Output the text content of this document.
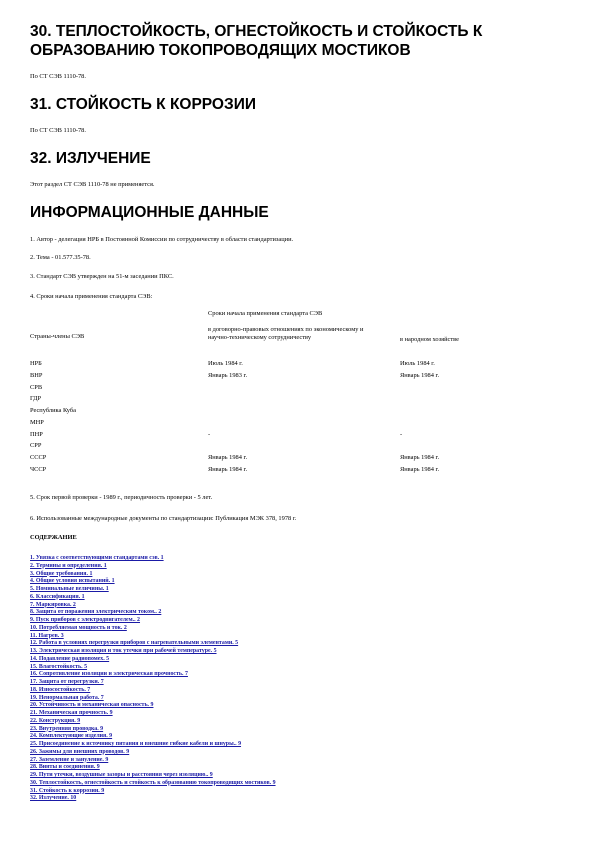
30. ТЕПЛОСТОЙКОСТЬ, ОГНЕСТОЙКОСТЬ И СТОЙКОСТЬ К ОБРАЗОВАНИЮ ТОКОПРОВОДЯЩИХ МОСТИКОВ

По СТ СЭВ 1110-78.

31. СТОЙКОСТЬ К КОРРОЗИИ

По СТ СЭВ 1110-78.

32. ИЗЛУЧЕНИЕ

Этот раздел СТ СЭВ 1110-78 не применяется.

ИНФОРМАЦИОННЫЕ ДАННЫЕ

1. Автор - делегация НРБ в Постоянной Комиссии по сотрудничеству в области стандартизации.

2. Тема - 01.577.35-78.

3. Стандарт СЭВ утвержден на 51-м заседании ПКС.

4. Сроки начала применения стандарта СЭВ:

Страны-члены СЭВ
Сроки начала применения стандарта СЭВ
в договорно-правовых отношениях по экономическому и научно-техническому сотрудничеству	в народном хозяйстве
НРБ	Июль 1984 г.	Июль 1984 г.
ВНР	Январь 1983 г.	Январь 1984 г.
СРВ
ГДР
Республика Куба
МНР
ПНР	-	-
СРР
СССР	Январь 1984 г.	Январь 1984 г.
ЧССР	Январь 1984 г.	Январь 1984 г.

5. Срок первой проверки - 1989 г., периодичность проверки - 5 лет.

6. Использованные международные документы по стандартизации: Публикация МЭК 378, 1978 г.

СОДЕРЖАНИЕ
1. Увязка с соответствующими стандартами сэв. 1
2. Термины и определения. 1
3. Общие требования. 1
4. Общие условия испытаний. 1
5. Номинальные величины. 1
6. Классификация. 1
7. Маркировка. 2
8. Защита от поражения электрическим током.. 2
9. Пуск приборов с электродвигателем.. 2
10. Потребляемая мощность и ток. 2
11. Нагрев. 3
12. Работа в условиях перегрузки приборов с нагревательными элементами. 5
13. Электрическая изоляция и ток утечки при рабочей температуре. 5
14. Подавление радиопомех. 5
15. Влагостойкость. 5
16. Сопротивление изоляции и электрическая прочность. 7
17. Защита от перегрузки. 7
18. Износостойкость. 7
19. Ненормальная работа. 7
20. Устойчивость и механическая опасность. 9
21. Механическая прочность. 9
22. Конструкция. 9
23. Внутренняя проводка. 9
24. Комплектующие изделия. 9
25. Присоединение к источнику питания и внешние гибкие кабели и шнуры.. 9
26. Зажимы для внешних проводов. 9
27. Заземление и зануление. 9
28. Винты и соединения. 9
29. Пути утечки, воздушные зазоры и расстояния через изоляцию.. 9
30. Теплостойкость, огнестойкость и стойкость к образованию токопроводящих мостиков. 9
31. Стойкость к коррозии. 9
32. Излучение. 10
